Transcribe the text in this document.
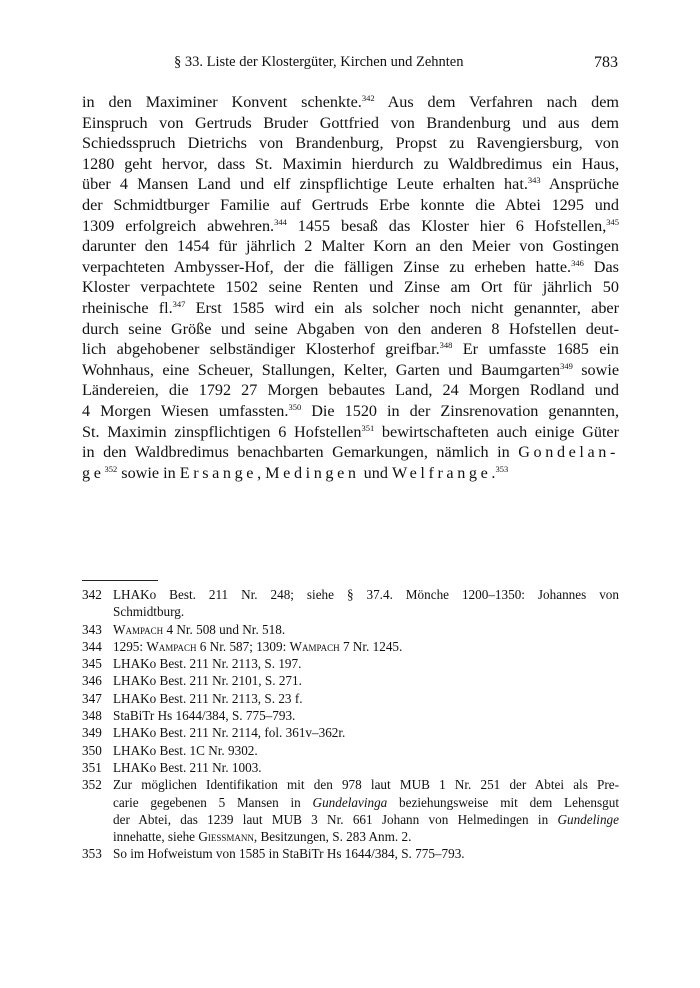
§ 33. Liste der Klostergüter, Kirchen und Zehnten	783
in den Maximiner Konvent schenkte.$^{342}$ Aus dem Verfahren nach dem
Einspruch von Gertruds Bruder Gottfried von Brandenburg und aus dem
Schiedsspruch Dietrichs von Brandenburg, Propst zu Ravengiersburg, von
1280 geht hervor, dass St. Maximin hierdurch zu Waldbredimus ein Haus,
über 4 Mansen Land und elf zinspflichtige Leute erhalten hat.$^{343}$ Ansprüche
der Schmidtburger Familie auf Gertruds Erbe konnte die Abtei 1295 und
1309 erfolgreich abwehren.$^{344}$ 1455 besaß das Kloster hier 6 Hofstellen,$^{345}$
darunter den 1454 für jährlich 2 Malter Korn an den Meier von Gostingen
verpachteten Ambysser-Hof, der die fälligen Zinse zu erheben hatte.$^{346}$ Das
Kloster verpachtete 1502 seine Renten und Zinse am Ort für jährlich 50
rheinische fl.$^{347}$ Erst 1585 wird ein als solcher noch nicht genannter, aber
durch seine Größe und seine Abgaben von den anderen 8 Hofstellen deut-
lich abgehobener selbständiger Klosterhof greifbar.$^{348}$ Er umfasste 1685 ein
Wohnhaus, eine Scheuer, Stallungen, Kelter, Garten und Baumgarten$^{349}$ sowie
Ländereien, die 1792 27 Morgen bebautes Land, 24 Morgen Rodland und
4 Morgen Wiesen umfassten.$^{350}$ Die 1520 in der Zinsrenovation genannten,
St. Maximin zinspflichtigen 6 Hofstellen$^{351}$ bewirtschafteten auch einige Güter
in den Waldbredimus benachbarten Gemarkungen, nämlich in Gondelan-
$ge^{352}$ sowie in Ersange, Medingen und Welfrange.$^{353}$
342 LHAKo Best. 211 Nr. 248; siehe § 37.4. Mönche 1200–1350: Johannes von
Schmidtburg.
343 Wampach 4 Nr. 508 und Nr. 518.
344 1295: Wampach 6 Nr. 587; 1309: Wampach 7 Nr. 1245.
345 LHAKo Best. 211 Nr. 2113, S. 197.
346 LHAKo Best. 211 Nr. 2101, S. 271.
347 LHAKo Best. 211 Nr. 2113, S. 23 f.
348 StaBiTr Hs 1644/384, S. 775–793.
349 LHAKo Best. 211 Nr. 2114, fol. 361v–362r.
350 LHAKo Best. 1C Nr. 9302.
351 LHAKo Best. 211 Nr. 1003.
352 Zur möglichen Identifikation mit den 978 laut MUB 1 Nr. 251 der Abtei als Pre-
carie gegebenen 5 Mansen in Gundelavinga beziehungsweise mit dem Lehensgut
der Abtei, das 1239 laut MUB 3 Nr. 661 Johann von Helmedingen in Gundelinge
innehatte, siehe Giessmann, Besitzungen, S. 283 Anm. 2.
353 So im Hofweistum von 1585 in StaBiTr Hs 1644/384, S. 775–793.
